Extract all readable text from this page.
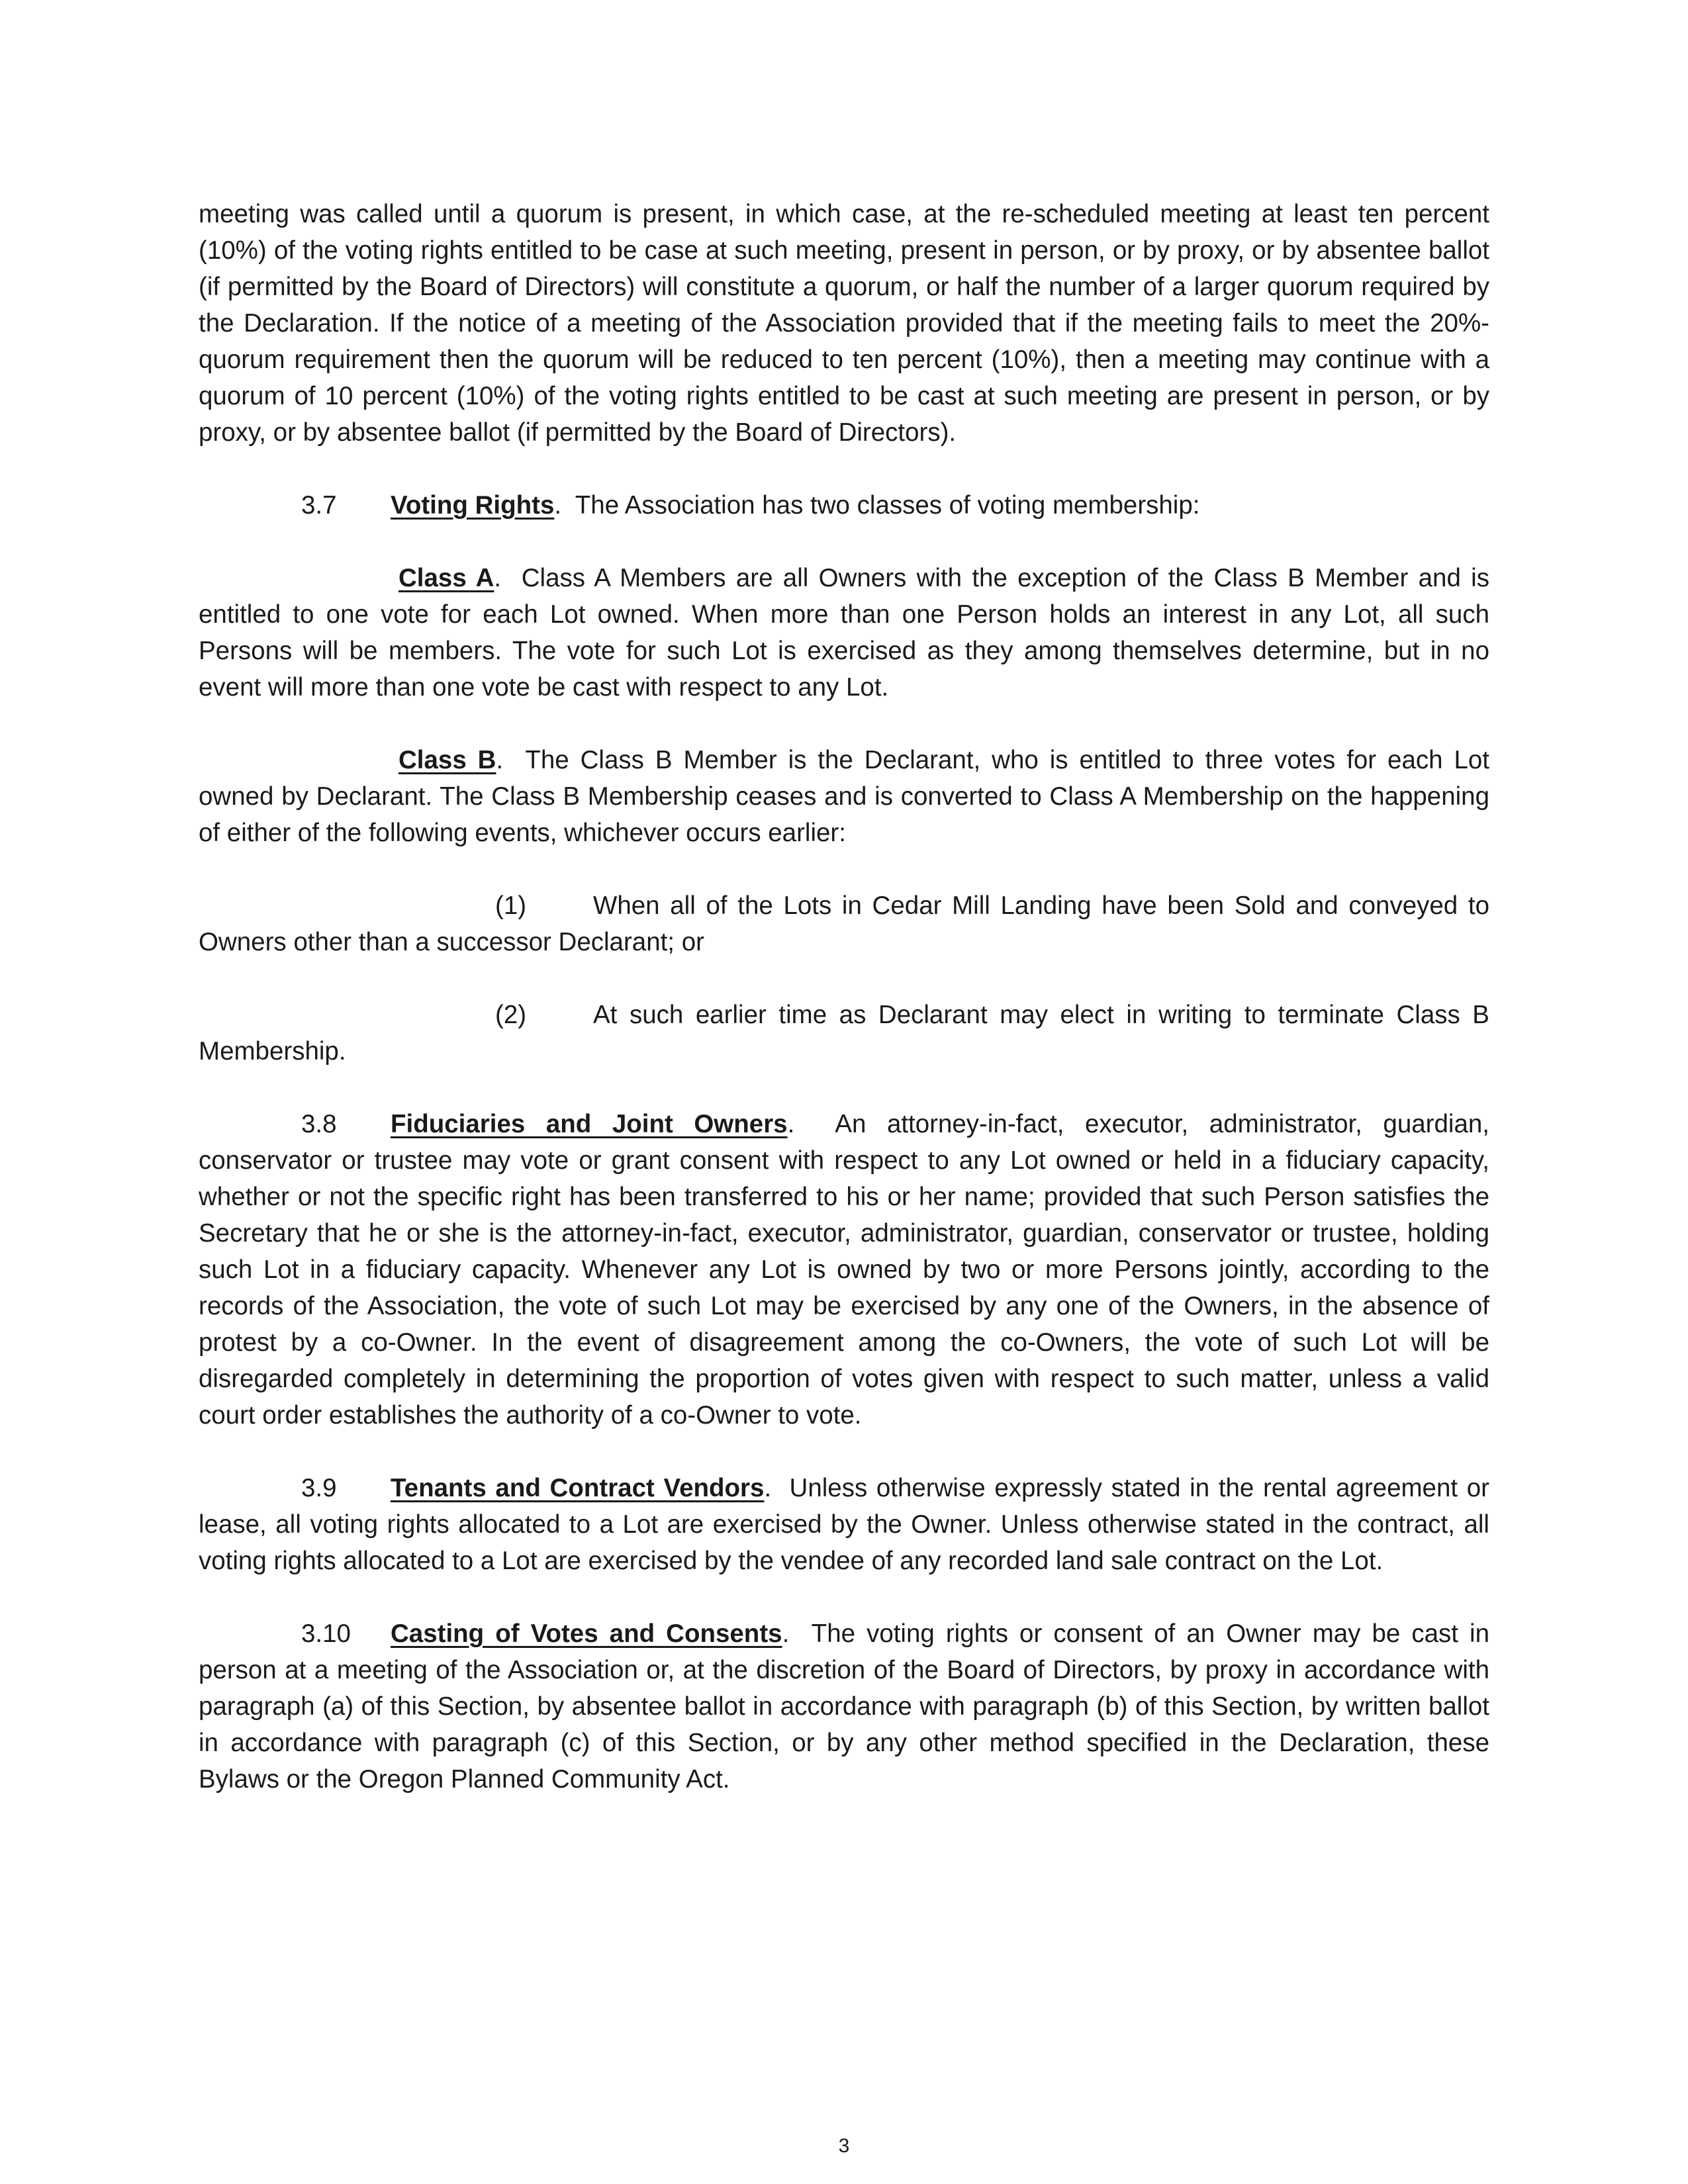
meeting was called until a quorum is present, in which case, at the re-scheduled meeting at least ten percent (10%) of the voting rights entitled to be case at such meeting, present in person, or by proxy, or by absentee ballot (if permitted by the Board of Directors) will constitute a quorum, or half the number of a larger quorum required by the Declaration. If the notice of a meeting of the Association provided that if the meeting fails to meet the 20%-quorum requirement then the quorum will be reduced to ten percent (10%), then a meeting may continue with a quorum of 10 percent (10%) of the voting rights entitled to be cast at such meeting are present in person, or by proxy, or by absentee ballot (if permitted by the Board of Directors).

3.7 Voting Rights. The Association has two classes of voting membership:

Class A. Class A Members are all Owners with the exception of the Class B Member and is entitled to one vote for each Lot owned. When more than one Person holds an interest in any Lot, all such Persons will be members. The vote for such Lot is exercised as they among themselves determine, but in no event will more than one vote be cast with respect to any Lot.

Class B. The Class B Member is the Declarant, who is entitled to three votes for each Lot owned by Declarant. The Class B Membership ceases and is converted to Class A Membership on the happening of either of the following events, whichever occurs earlier:

(1)	When all of the Lots in Cedar Mill Landing have been Sold and conveyed to Owners other than a successor Declarant; or

(2)	At such earlier time as Declarant may elect in writing to terminate Class B Membership.

3.8 Fiduciaries and Joint Owners. An attorney-in-fact, executor, administrator, guardian, conservator or trustee may vote or grant consent with respect to any Lot owned or held in a fiduciary capacity, whether or not the specific right has been transferred to his or her name; provided that such Person satisfies the Secretary that he or she is the attorney-in-fact, executor, administrator, guardian, conservator or trustee, holding such Lot in a fiduciary capacity. Whenever any Lot is owned by two or more Persons jointly, according to the records of the Association, the vote of such Lot may be exercised by any one of the Owners, in the absence of protest by a co-Owner. In the event of disagreement among the co-Owners, the vote of such Lot will be disregarded completely in determining the proportion of votes given with respect to such matter, unless a valid court order establishes the authority of a co-Owner to vote.

3.9 Tenants and Contract Vendors. Unless otherwise expressly stated in the rental agreement or lease, all voting rights allocated to a Lot are exercised by the Owner. Unless otherwise stated in the contract, all voting rights allocated to a Lot are exercised by the vendee of any recorded land sale contract on the Lot.

3.10 Casting of Votes and Consents. The voting rights or consent of an Owner may be cast in person at a meeting of the Association or, at the discretion of the Board of Directors, by proxy in accordance with paragraph (a) of this Section, by absentee ballot in accordance with paragraph (b) of this Section, by written ballot in accordance with paragraph (c) of this Section, or by any other method specified in the Declaration, these Bylaws or the Oregon Planned Community Act.

3
